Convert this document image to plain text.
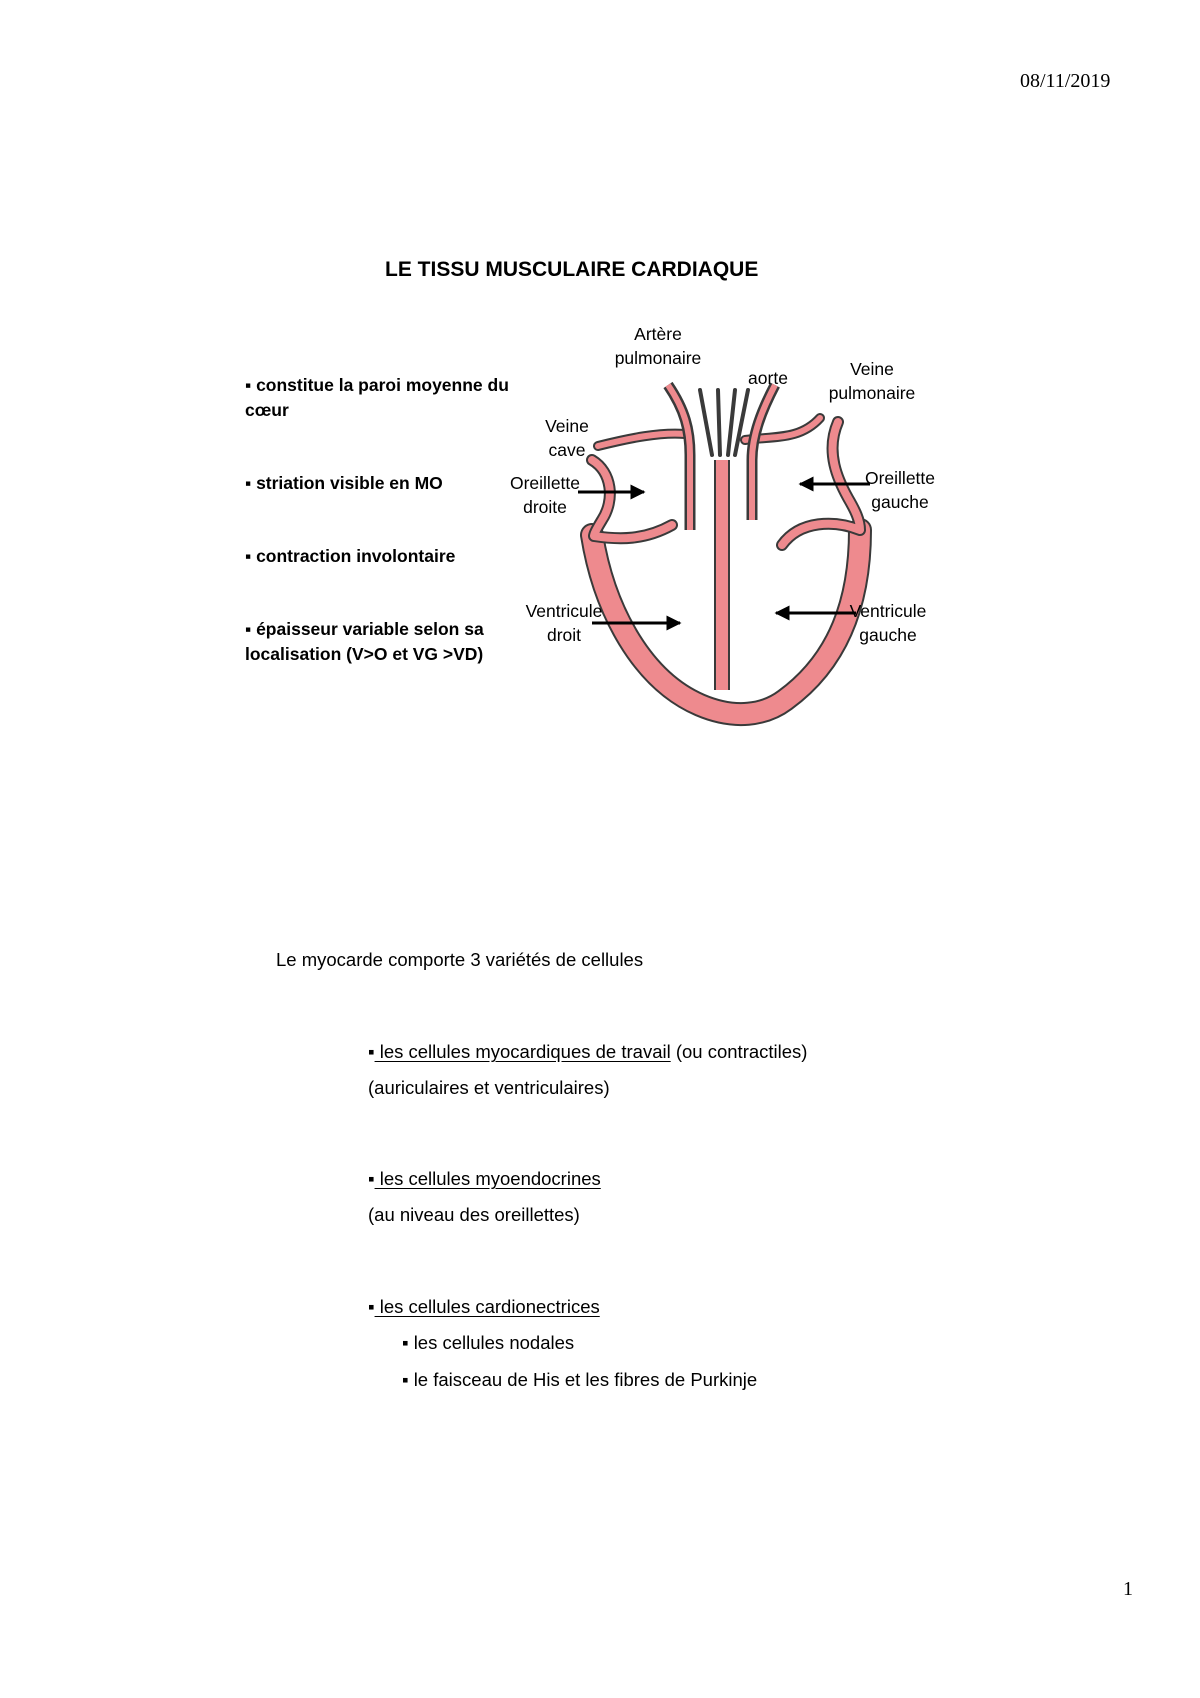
08/11/2019
LE TISSU MUSCULAIRE CARDIAQUE
▪ constitue la paroi moyenne du cœur
▪ striation visible en MO
▪ contraction involontaire
▪ épaisseur variable selon sa localisation (V>O et VG >VD)
Artère
pulmonaire
aorte	Veine
pulmonaire
Veine
cave
Oreillette
droite
Oreillette
gauche
Ventricule
droit
Ventricule
gauche
Le myocarde comporte 3 variétés de cellules
▪ les cellules myocardiques de travail (ou contractiles)
(auriculaires et ventriculaires)
▪ les cellules myoendocrines
(au niveau des oreillettes)
▪ les cellules cardionectrices
▪ les cellules nodales
▪ le faisceau de His et les fibres de Purkinje
1
